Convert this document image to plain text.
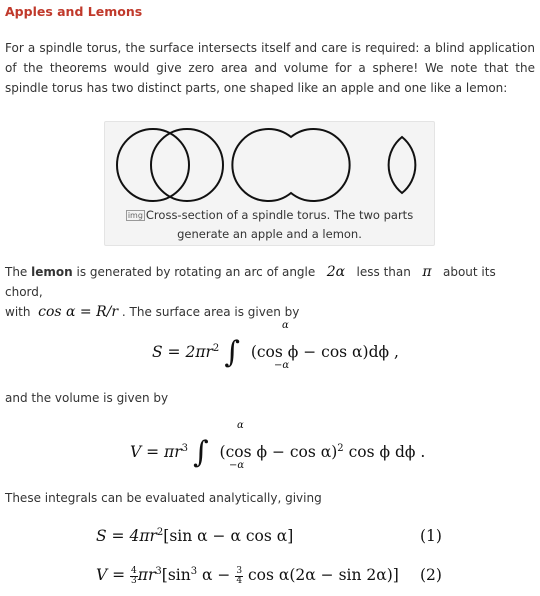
Apples and Lemons

For a spindle torus, the surface intersects itself and care is required: a blind application of the theorems would give zero area and volume for a sphere! We note that the spindle torus has two distinct parts, one shaped like an apple and one like a lemon:

img Cross-section of a spindle torus. The two parts generate an apple and a lemon.

The lemon is generated by rotating an arc of angle   2α   less than   π   about its chord,
with  cos α = R/r . The surface area is given by

$S = 2\pi r^2$ ∫
α
−α
(cos ϕ − cos α)dϕ ,

and the volume is given by

$V = \pi r^3$ ∫
α
−α
(cos ϕ − cos α)$^2$ cos ϕ dϕ .

These integrals can be evaluated analytically, giving

$S = 4\pi r^2[\sin$ α − α cos α]	(1)
$V = \frac{4}{3} \pi r^3[\sin^3$ $\alpha - \frac{3}{4}$ cos α(2α − sin 2α)] (2)
